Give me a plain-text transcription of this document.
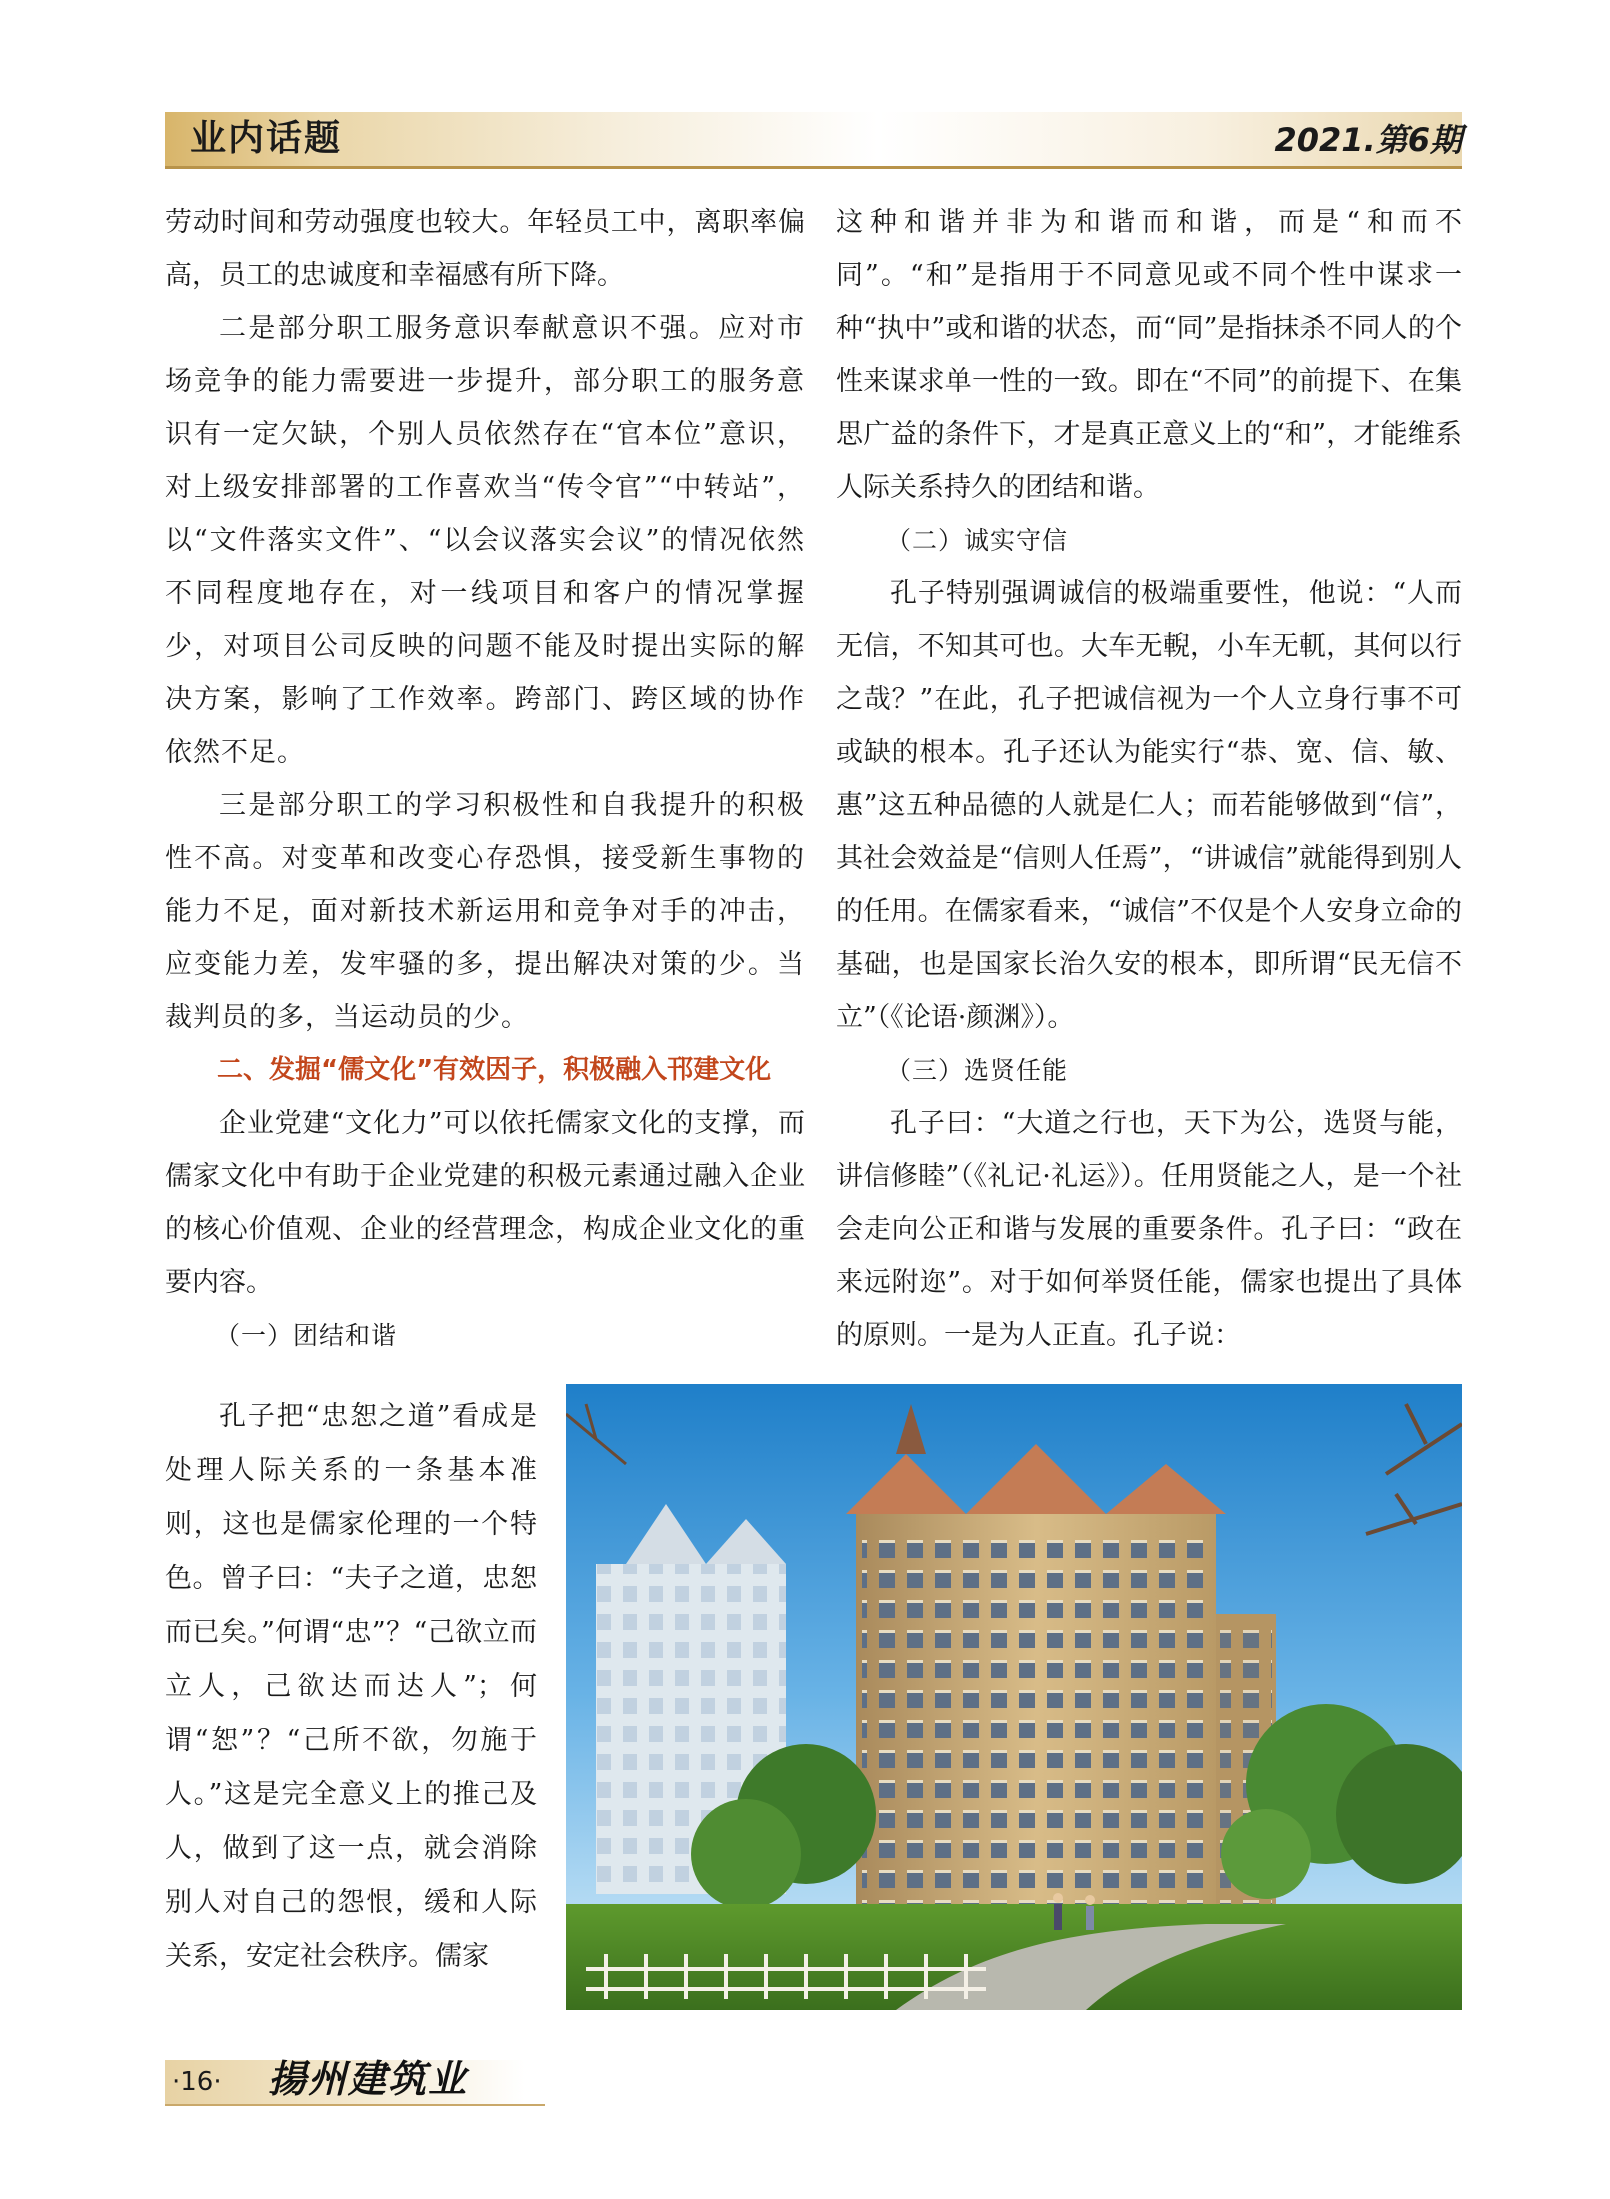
业内话题	2021.第6期

劳动时间和劳动强度也较大。年轻员工中，离职率偏高，员工的忠诚度和幸福感有所下降。

二是部分职工服务意识奉献意识不强。应对市场竞争的能力需要进一步提升，部分职工的服务意识有一定欠缺，个别人员依然存在“官本位”意识，对上级安排部署的工作喜欢当“传令官”“中转站”，以“文件落实文件”、“以会议落实会议”的情况依然不同程度地存在，对一线项目和客户的情况掌握少，对项目公司反映的问题不能及时提出实际的解决方案，影响了工作效率。跨部门、跨区域的协作依然不足。

三是部分职工的学习积极性和自我提升的积极性不高。对变革和改变心存恐惧，接受新生事物的能力不足，面对新技术新运用和竞争对手的冲击，应变能力差，发牢骚的多，提出解决对策的少。当裁判员的多，当运动员的少。

二、发掘“儒文化”有效因子，积极融入邗建文化

企业党建“文化力”可以依托儒家文化的支撑，而儒家文化中有助于企业党建的积极元素通过融入企业的核心价值观、企业的经营理念，构成企业文化的重要内容。

（一）团结和谐

孔子把“忠恕之道”看成是处理人际关系的一条基本准则，这也是儒家伦理的一个特色。曾子曰：“夫子之道，忠恕而已矣。”何谓“忠”？“己欲立而立人，己欲达而达人”；何谓“恕”？“己所不欲，勿施于人。”这是完全意义上的推己及人，做到了这一点，就会消除别人对自己的怨恨，缓和人际关系，安定社会秩序。儒家

这种和谐并非为和谐而和谐，而是“和而不同”。“和”是指用于不同意见或不同个性中谋求一种“执中”或和谐的状态，而“同”是指抹杀不同人的个性来谋求单一性的一致。即在“不同”的前提下、在集思广益的条件下，才是真正意义上的“和”，才能维系人际关系持久的团结和谐。

（二）诚实守信

孔子特别强调诚信的极端重要性，他说：“人而无信，不知其可也。大车无輗，小车无軏，其何以行之哉？”在此，孔子把诚信视为一个人立身行事不可或缺的根本。孔子还认为能实行“恭、宽、信、敏、惠”这五种品德的人就是仁人；而若能够做到“信”，其社会效益是“信则人任焉”，“讲诚信”就能得到别人的任用。在儒家看来，“诚信”不仅是个人安身立命的基础，也是国家长治久安的根本，即所谓“民无信不立”（《论语·颜渊》）。

（三）选贤任能

孔子曰：“大道之行也，天下为公，选贤与能，讲信修睦”（《礼记·礼运》）。任用贤能之人，是一个社会走向公正和谐与发展的重要条件。孔子曰：“政在来远附迩”。对于如何举贤任能，儒家也提出了具体的原则。一是为人正直。孔子说：

·16· 揚州建筑业
